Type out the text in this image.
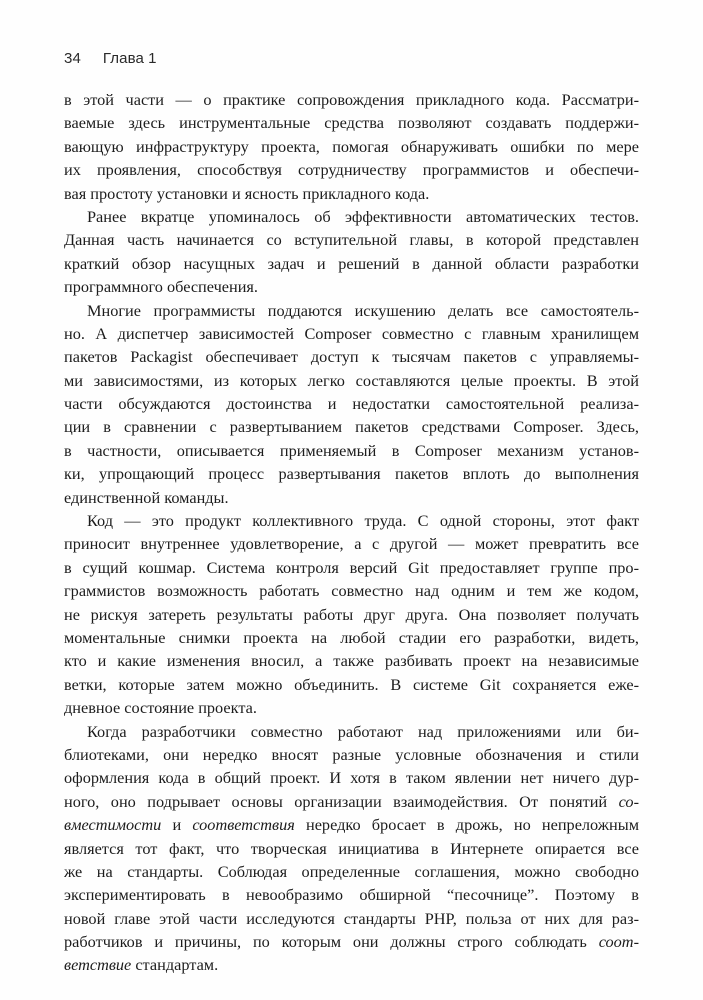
34 Глава 1
в этой части — о практике сопровождения прикладного кода. Рассматри-
ваемые здесь инструментальные средства позволяют создавать поддержи-
вающую инфраструктуру проекта, помогая обнаруживать ошибки по мере
их проявления, способствуя сотрудничеству программистов и обеспечи-
вая простоту установки и ясность прикладного кода.
Ранее вкратце упоминалось об эффективности автоматических тестов.
Данная часть начинается со вступительной главы, в которой представлен
краткий обзор насущных задач и решений в данной области разработки
программного обеспечения.
Многие программисты поддаются искушению делать все самостоятель-
но. А диспетчер зависимостей Composer совместно с главным хранилищем
пакетов Packagist обеспечивает доступ к тысячам пакетов с управляемы-
ми зависимостями, из которых легко составляются целые проекты. В этой
части обсуждаются достоинства и недостатки самостоятельной реализа-
ции в сравнении с развертыванием пакетов средствами Composer. Здесь,
в частности, описывается применяемый в Composer механизм установ-
ки, упрощающий процесс развертывания пакетов вплоть до выполнения
единственной команды.
Код — это продукт коллективного труда. С одной стороны, этот факт
приносит внутреннее удовлетворение, а с другой — может превратить все
в сущий кошмар. Система контроля версий Git предоставляет группе про-
граммистов возможность работать совместно над одним и тем же кодом,
не рискуя затереть результаты работы друг друга. Она позволяет получать
моментальные снимки проекта на любой стадии его разработки, видеть,
кто и какие изменения вносил, а также разбивать проект на независимые
ветки, которые затем можно объединить. В системе Git сохраняется еже-
дневное состояние проекта.
Когда разработчики совместно работают над приложениями или би-
блиотеками, они нередко вносят разные условные обозначения и стили
оформления кода в общий проект. И хотя в таком явлении нет ничего дур-
ного, оно подрывает основы организации взаимодействия. От понятий со-
вместимости и соответствия нередко бросает в дрожь, но непреложным
является тот факт, что творческая инициатива в Интернете опирается все
же на стандарты. Соблюдая определенные соглашения, можно свободно
экспериментировать в невообразимо обширной “песочнице”. Поэтому в
новой главе этой части исследуются стандарты PHP, польза от них для раз-
работчиков и причины, по которым они должны строго соблюдать соот-
ветствие стандартам.
